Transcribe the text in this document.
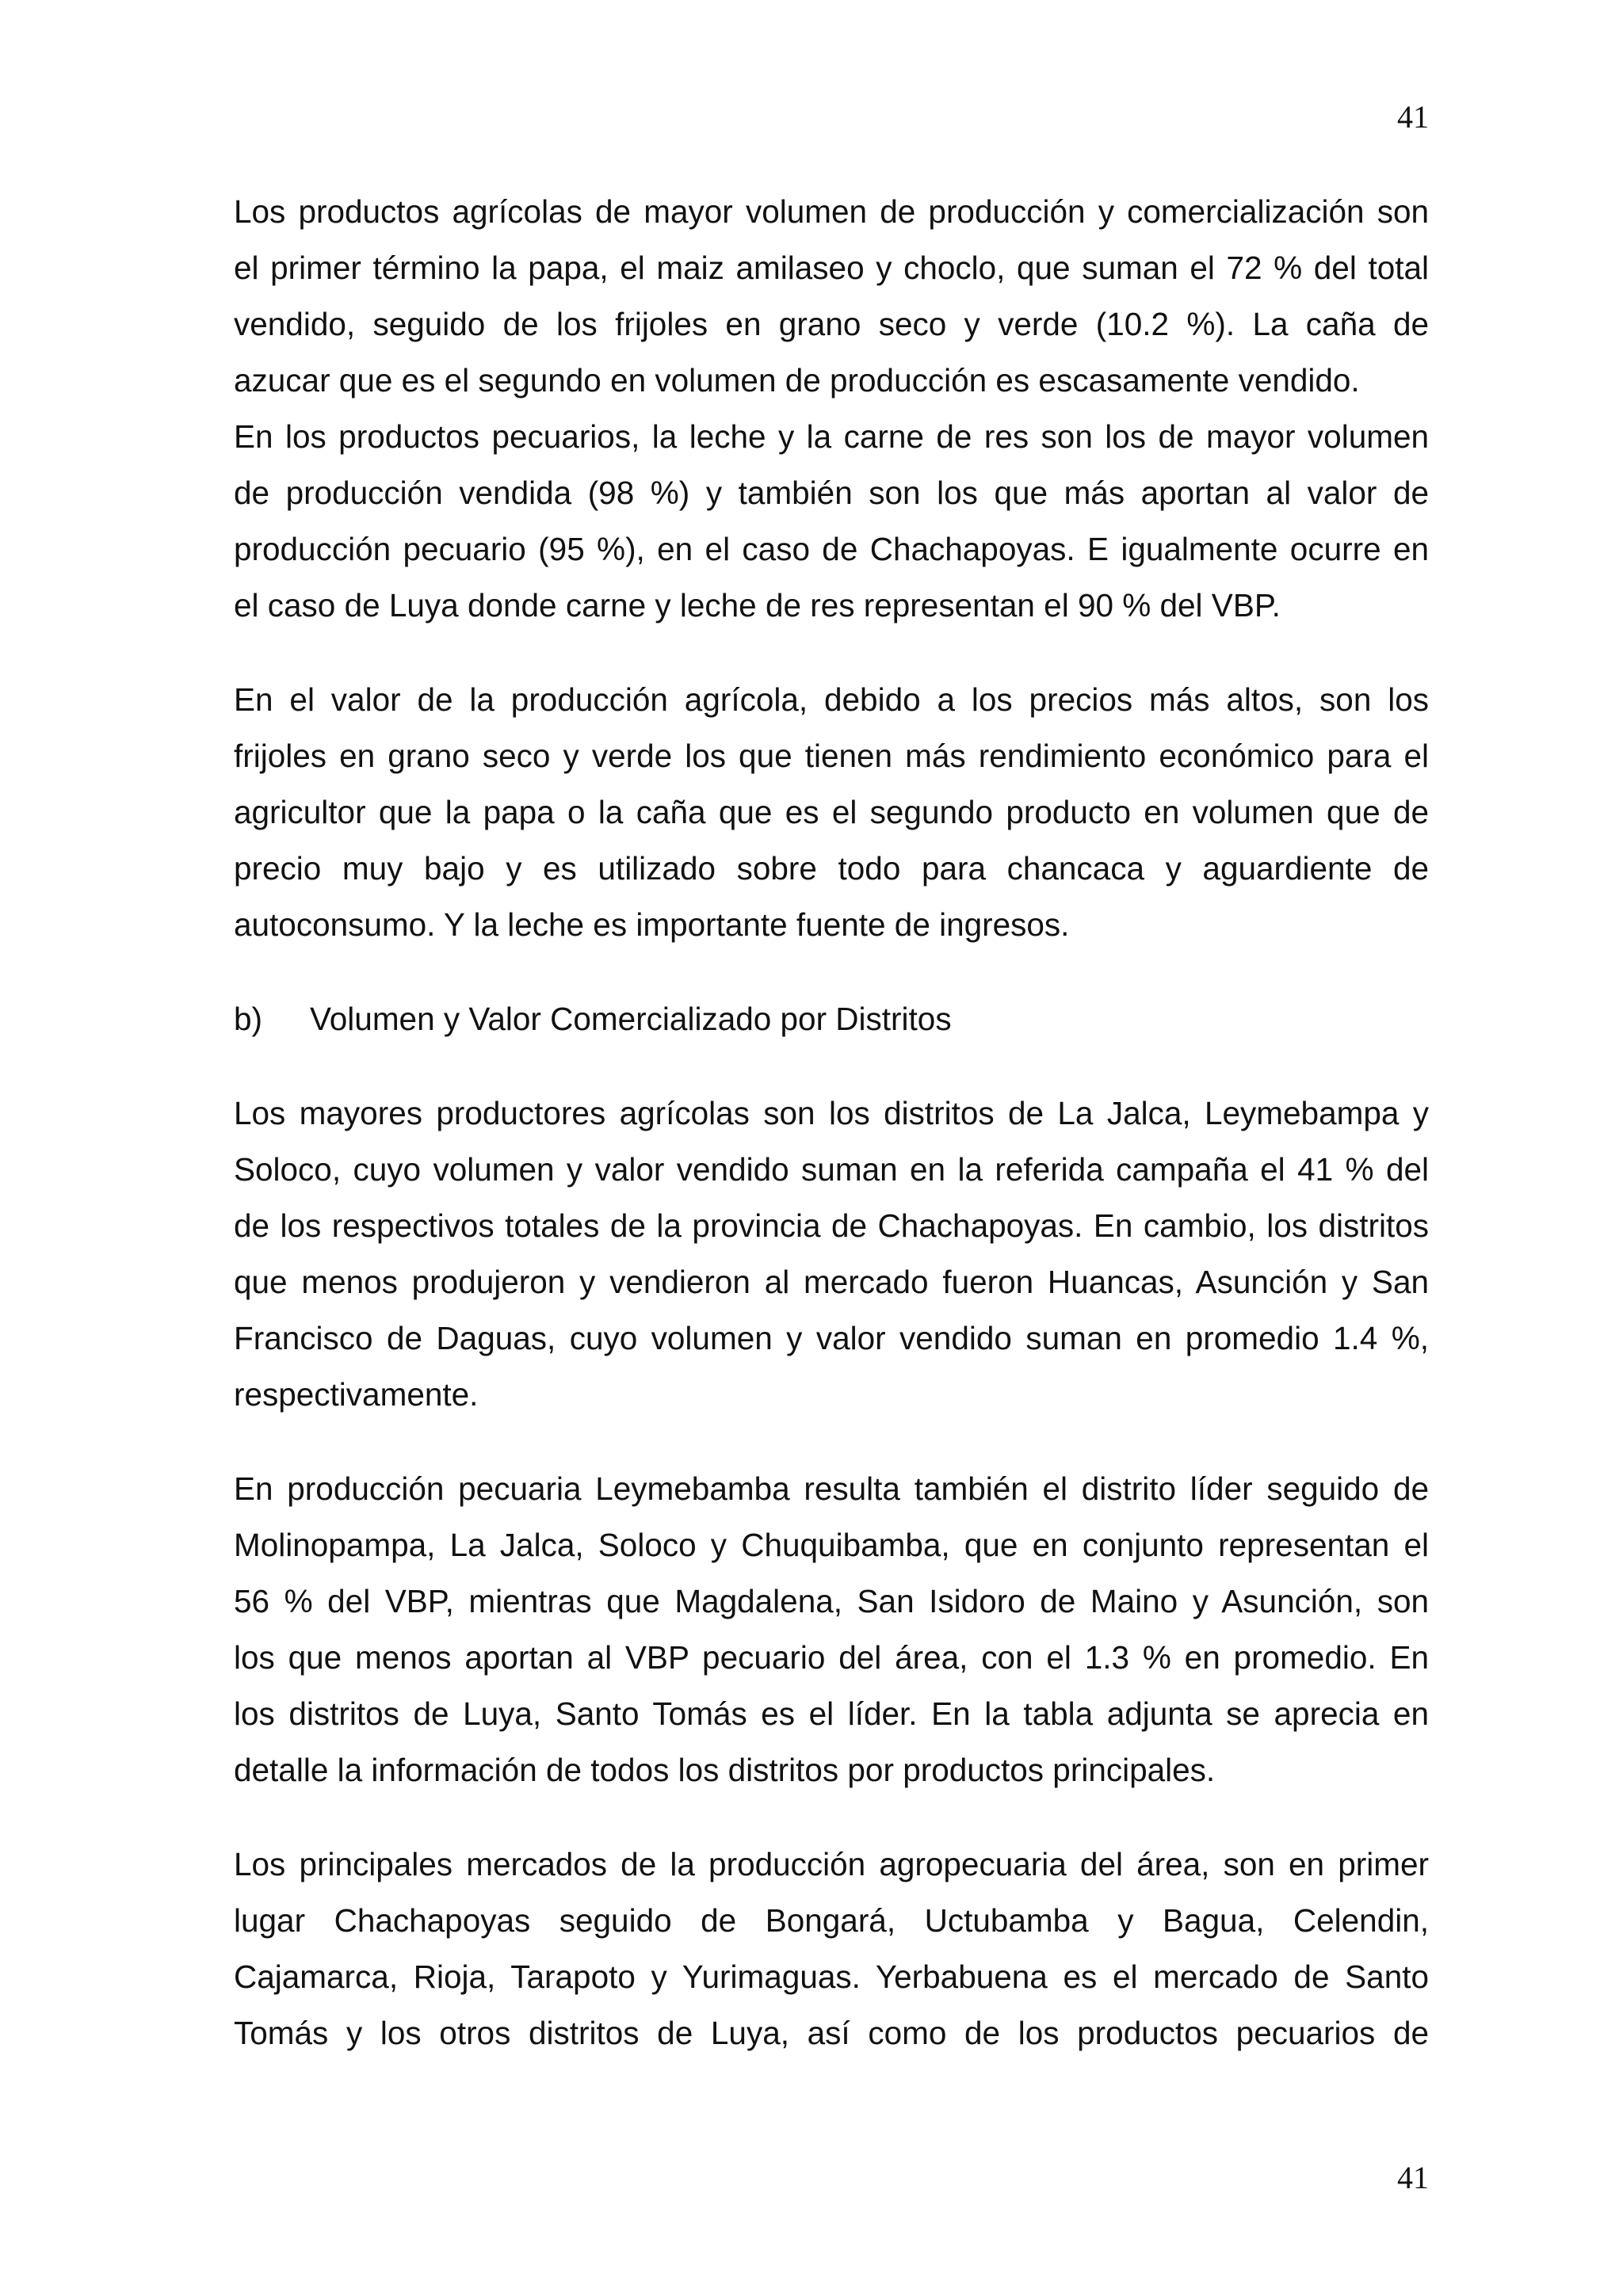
41
Los productos agrícolas de mayor volumen de producción y comercialización son
el primer término la papa, el maiz amilaseo y choclo, que suman el 72 % del total
vendido, seguido de los frijoles en grano seco y verde (10.2 %). La caña de
azucar que es el segundo en volumen de producción es escasamente vendido.
En los productos pecuarios, la leche y la carne de res son los de mayor volumen
de producción vendida (98 %) y también son los que más aportan al valor de
producción pecuario (95 %), en el caso de Chachapoyas. E igualmente ocurre en
el caso de Luya donde carne y leche de res representan el 90 % del VBP.
En el valor de la producción agrícola, debido a los precios más altos, son los
frijoles en grano seco y verde los que tienen más rendimiento económico para el
agricultor que la papa o la caña que es el segundo producto en volumen que de
precio muy bajo y es utilizado sobre todo para chancaca y aguardiente de
autoconsumo. Y la leche es importante fuente de ingresos.
b)	Volumen y Valor Comercializado por Distritos
Los mayores productores agrícolas son los distritos de La Jalca, Leymebampa y
Soloco, cuyo volumen y valor vendido suman en la referida campaña el 41 % del
de los respectivos totales de la provincia de Chachapoyas. En cambio, los distritos
que menos produjeron y vendieron al mercado fueron Huancas, Asunción y San
Francisco de Daguas, cuyo volumen y valor vendido suman en promedio 1.4 %,
respectivamente.
En producción pecuaria Leymebamba resulta también el distrito líder seguido de
Molinopampa, La Jalca, Soloco y Chuquibamba, que en conjunto representan el
56 % del VBP, mientras que Magdalena, San Isidoro de Maino y Asunción, son
los que menos aportan al VBP pecuario del área, con el 1.3 % en promedio. En
los distritos de Luya, Santo Tomás es el líder. En la tabla adjunta se aprecia en
detalle la información de todos los distritos por productos principales.
Los principales mercados de la producción agropecuaria del área, son en primer
lugar Chachapoyas seguido de Bongará, Uctubamba y Bagua, Celendin,
Cajamarca, Rioja, Tarapoto y Yurimaguas. Yerbabuena es el mercado de Santo
Tomás y los otros distritos de Luya, así como de los productos pecuarios de
41
